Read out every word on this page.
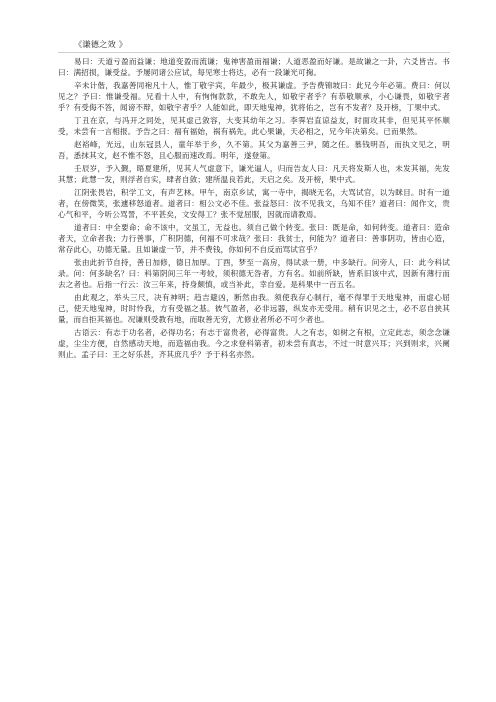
《谦德之效 》

易曰：天道亏盈而益谦；地道变盈而流谦；鬼神害盈而福谦；人道恶盈而好谦。是故谦之一卦，六爻皆吉。书曰：满招损，谦受益。予屡同诸公应试，每见寒士将达，必有一段谦光可掬。

辛未计偕，我嘉善同袍凡十人，惟丁敬宇宾，年最少，极其谦虚。予告费锦坡曰：此兄今年必第。费曰：何以见之？予曰：惟谦受福。兄看十人中，有恂恂款款，不敢先人，如敬宇者乎？有恭敬顺承，小心谦畏，如敬宇者乎？有受侮不答，闻谤不辩，如敬宇者乎？人能如此，即天地鬼神，犹将佑之，岂有不发者？及开榜，丁果中式。

丁丑在京，与冯开之同处，见其虚己敛容，大变其幼年之习。李霁岩直谅益友，时面攻其非，但见其平怀顺受，未尝有一言相报。予告之曰：福有福始，祸有祸先，此心果谦，天必相之，兄今年决第矣。已而果然。

赵裕峰，光远，山东冠县人，童年举于乡，久不第。其父为嘉善三尹，随之任。慕钱明吾，而执文见之，明吾，悉抹其文，赵不惟不怒，且心服而速改焉。明年，遂登第。

壬辰岁，予入觐，晤夏建所，见其人气虚意下，谦光逼人，归而告友人曰：凡天将发斯人也，未发其福，先发其慧；此慧一发，则浮者自实，肆者自敛；建所温良若此，天启之矣。及开榜，果中式。

江阴张畏岩，积学工文，有声艺林。甲午，南京乡试，寓一寺中，揭晓无名，大骂试官，以为眯目。时有一道者，在傍微笑，张遽移怒道者。道者曰：相公文必不佳。张益怒曰：汝不见我文，乌知不佳？道者曰：闻作文，贵心气和平，今听公骂詈，不平甚矣，文安得工？张不觉屈服，因就而请教焉。

道者曰：中全要命；命不该中，文虽工，无益也。须自己做个转变。张曰：既是命，如何转变。道者曰：造命者天，立命者我；力行善事，广积阴德，何福不可求哉？张曰：我贫士，何能为？道者曰：善事阴功，皆由心造，常存此心，功德无量。且如谦虚一节，并不费钱，你如何不自反而骂试官乎？

张由此折节自持，善日加修，德日加厚。丁酉，梦至一高房，得试录一册，中多缺行。问旁人，曰：此今科试录。问：何多缺名？曰：科第阴间三年一考较，须积德无咎者，方有名。如前所缺，皆系旧该中式，因新有薄行而去之者也。后指一行云：汝三年来，持身颇慎，或当补此，幸自爱。是科果中一百五名。

由此观之，举头三尺，决有神明；趋吉避凶，断然由我。须使我存心制行，毫不得罪于天地鬼神，而虚心屈己，使天地鬼神，时时怜我，方有受福之基。彼气盈者，必非远器，纵发亦无受用。稍有识见之士，必不忍自狭其量，而自拒其福也。况谦则受教有地，而取善无穷，尤修业者所必不可少者也。

古语云：有志于功名者，必得功名；有志于富贵者，必得富贵。人之有志，如树之有根，立定此志，须念念谦虚，尘尘方便，自然感动天地，而造福由我。今之求登科第者，初未尝有真志，不过一时意兴耳；兴到则求，兴阑则止。孟子曰：王之好乐甚，齐其庶几乎？予于科名亦然。
